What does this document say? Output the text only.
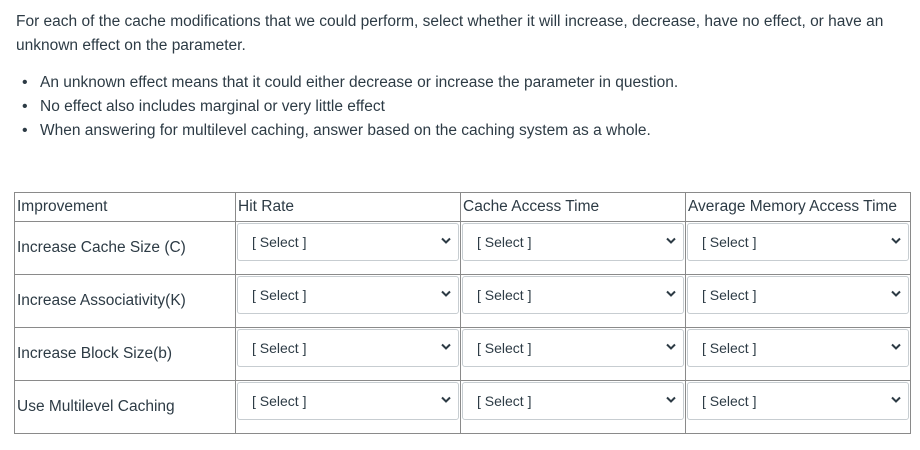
For each of the cache modifications that we could perform, select whether it will increase, decrease, have no effect, or have an unknown effect on the parameter.

• An unknown effect means that it could either decrease or increase the parameter in question.
• No effect also includes marginal or very little effect
• When answering for multilevel caching, answer based on the caching system as a whole.
Improvement	Hit Rate	Cache Access Time	Average Memory Access Time
Increase Cache Size (C)	[ Select ]	[ Select ]	[ Select ]

Increase Associativity(K)	[ Select ]	[ Select ]	[ Select ]

Increase Block Size(b)	[ Select ]	[ Select ]	[ Select ]

Use Multilevel Caching	[ Select ]	[ Select ]	[ Select ]
